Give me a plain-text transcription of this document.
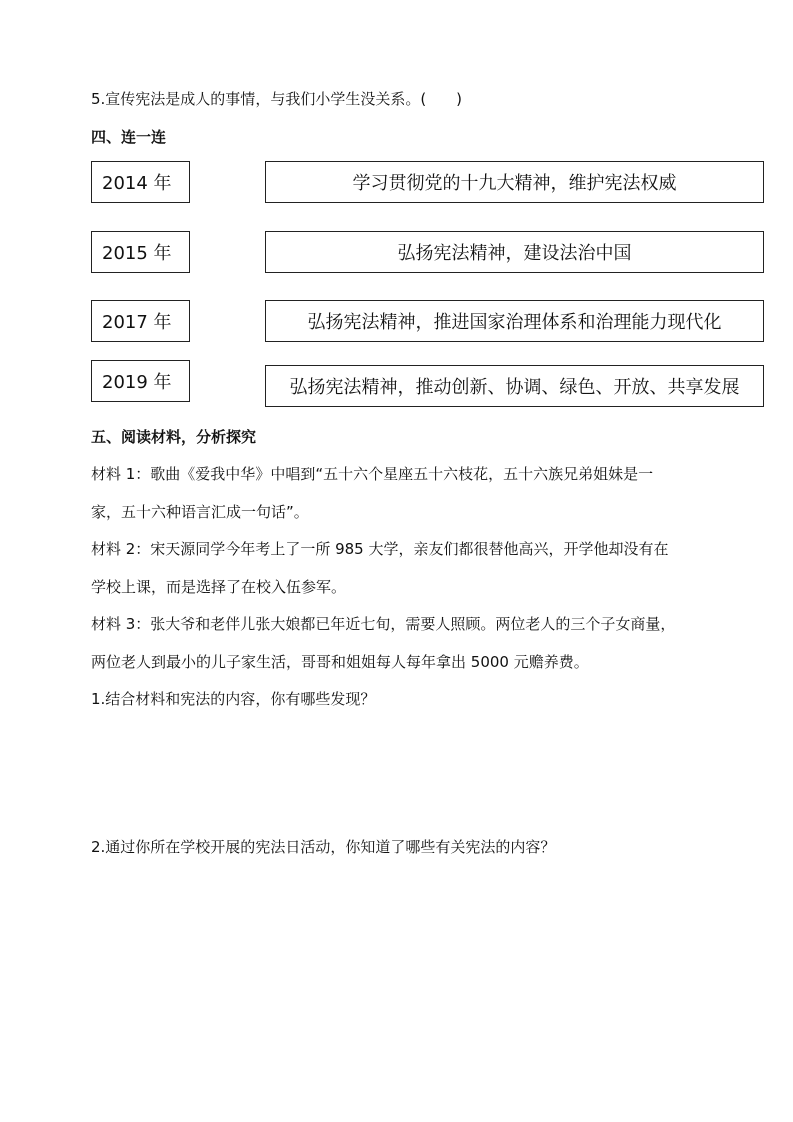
5.宣传宪法是成人的事情，与我们小学生没关系。(　　)
四、连一连
2014 年	学习贯彻党的十九大精神，维护宪法权威
2015 年	弘扬宪法精神，建设法治中国
2017 年	弘扬宪法精神，推进国家治理体系和治理能力现代化
2019 年	弘扬宪法精神，推动创新、协调、绿色、开放、共享发展
五、阅读材料，分析探究
材料 1：歌曲《爱我中华》中唱到“五十六个星座五十六枝花，五十六族兄弟姐妹是一
家，五十六种语言汇成一句话”。
材料 2：宋天源同学今年考上了一所 985 大学，亲友们都很替他高兴，开学他却没有在
学校上课，而是选择了在校入伍参军。
材料 3：张大爷和老伴儿张大娘都已年近七旬，需要人照顾。两位老人的三个子女商量，
两位老人到最小的儿子家生活，哥哥和姐姐每人每年拿出 5000 元赡养费。
1.结合材料和宪法的内容，你有哪些发现？
2.通过你所在学校开展的宪法日活动，你知道了哪些有关宪法的内容？
